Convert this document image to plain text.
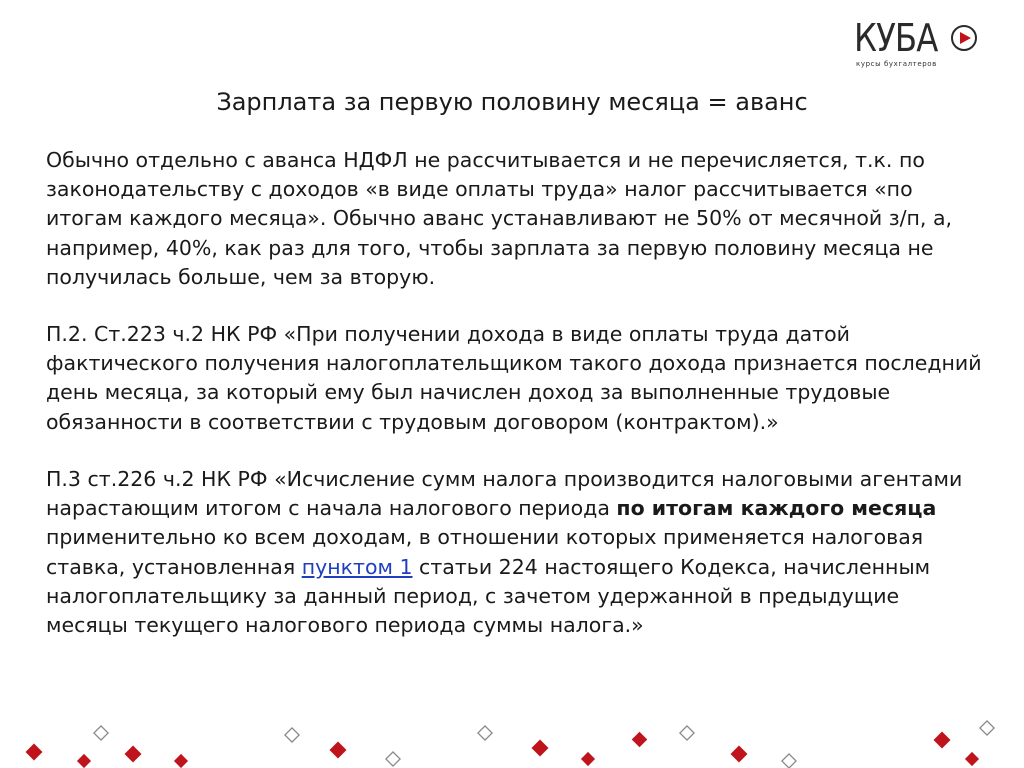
КУБА
курсы бухгалтеров
Зарплата за первую половину месяца = аванс

Обычно отдельно с аванса НДФЛ не рассчитывается и не перечисляется, т.к. по законодательству с доходов «в виде оплаты труда» налог рассчитывается «по итогам каждого месяца». Обычно аванс устанавливают не 50% от месячной з/п, а, например, 40%, как раз для того, чтобы зарплата за первую половину месяца не получилась больше, чем за вторую.

П.2. Ст.223 ч.2 НК РФ «При получении дохода в виде оплаты труда датой фактического получения налогоплательщиком такого дохода признается последний день месяца, за который ему был начислен доход за выполненные трудовые обязанности в соответствии с трудовым договором (контрактом).»

П.3 ст.226 ч.2 НК РФ «Исчисление сумм налога производится налоговыми агентами нарастающим итогом с начала налогового периода по итогам каждого месяца применительно ко всем доходам, в отношении которых применяется налоговая ставка, установленная пунктом 1 статьи 224 настоящего Кодекса, начисленным налогоплательщику за данный период, с зачетом удержанной в предыдущие месяцы текущего налогового периода суммы налога.»
